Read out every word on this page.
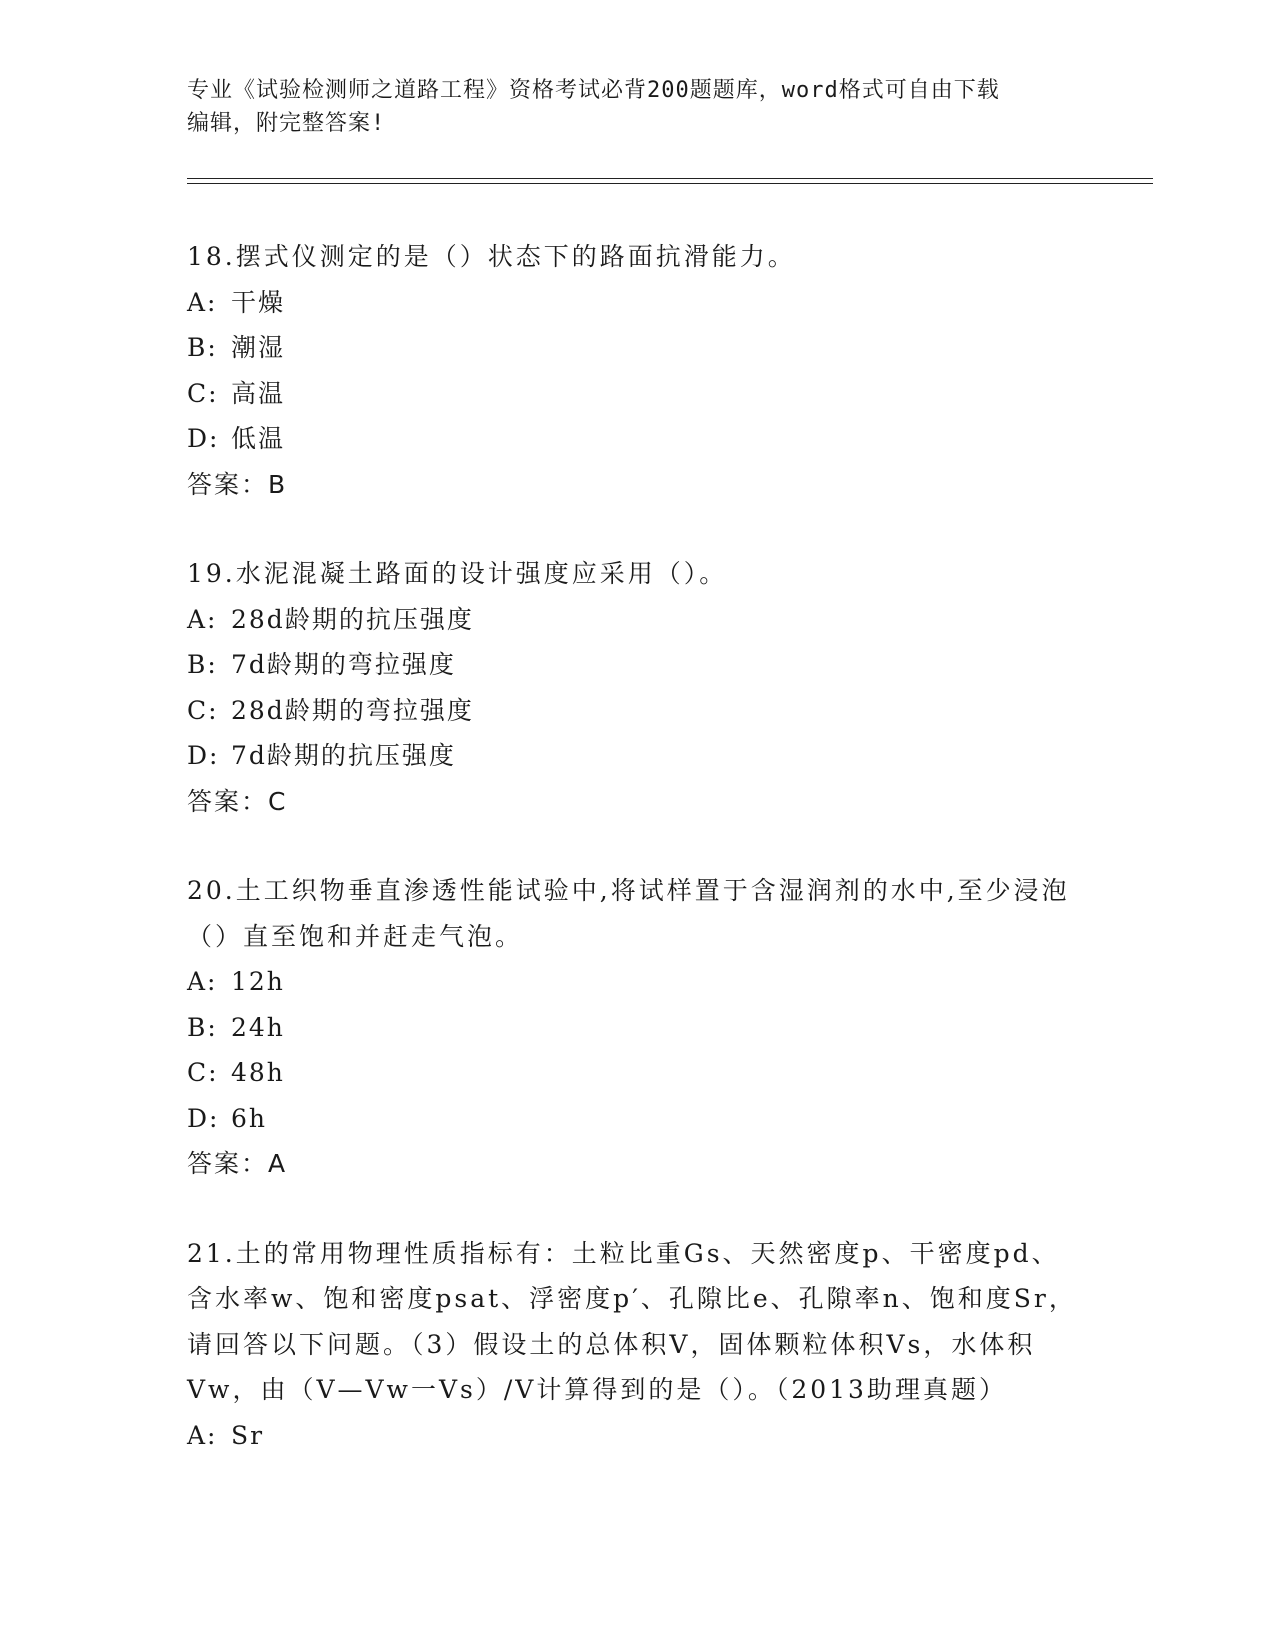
专业《试验检测师之道路工程》资格考试必背200题题库，word格式可自由下载
编辑，附完整答案!

18.摆式仪测定的是（）状态下的路面抗滑能力。

A: 干燥

B: 潮湿

C: 高温

D: 低温

答案：B

19.水泥混凝土路面的设计强度应采用（）。

A: 28d龄期的抗压强度

B: 7d龄期的弯拉强度

C: 28d龄期的弯拉强度

D: 7d龄期的抗压强度

答案：C

20.土工织物垂直渗透性能试验中,将试样置于含湿润剂的水中,至少浸泡（）直至饱和并赶走气泡。

A: 12h

B: 24h

C: 48h

D: 6h

答案：A

21.土的常用物理性质指标有：土粒比重Gs、天然密度p、干密度pd、含水率w、饱和密度psat、浮密度p′、孔隙比e、孔隙率n、饱和度Sr，请回答以下问题。（3）假设土的总体积V，固体颗粒体积Vs，水体积Vw，由（V—Vw一Vs）/V计算得到的是（）。（2013助理真题）

A: Sr
